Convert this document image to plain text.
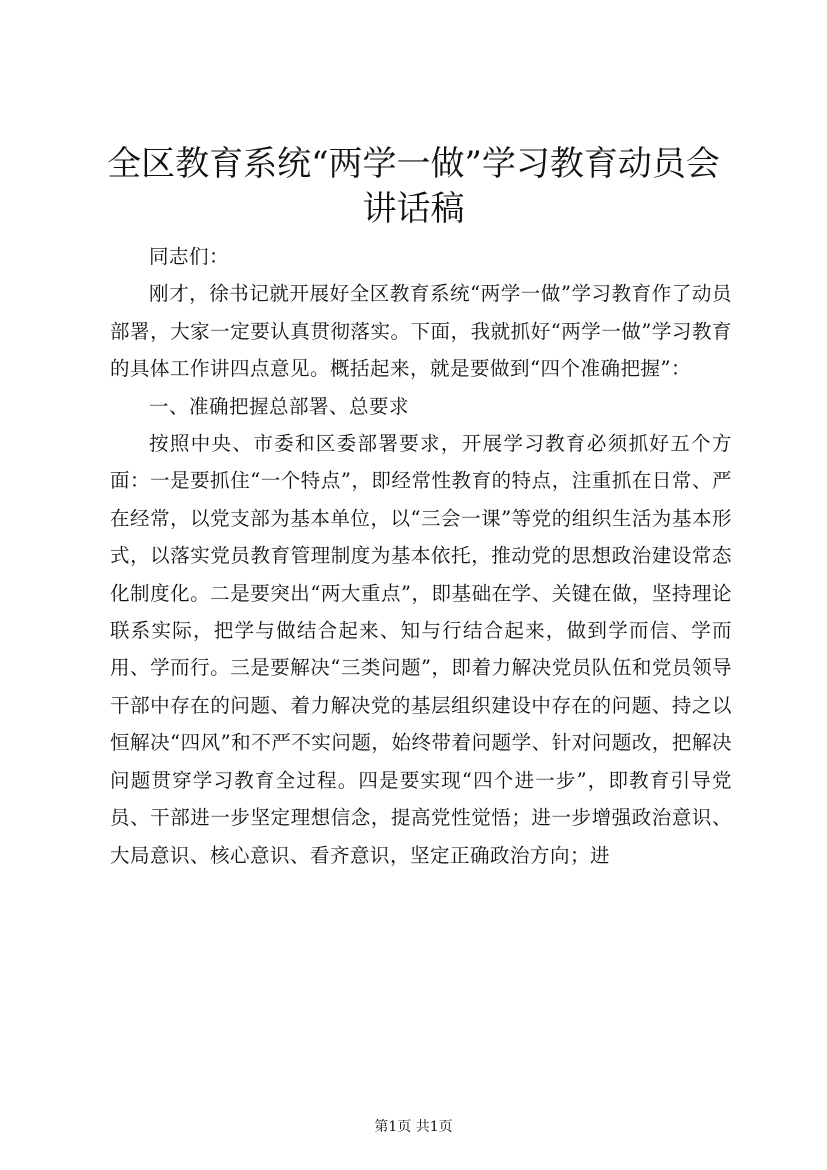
全区教育系统“两学一做”学习教育动员会讲话稿

同志们：

刚才，徐书记就开展好全区教育系统“两学一做”学习教育作了动员部署，大家一定要认真贯彻落实。下面，我就抓好“两学一做”学习教育的具体工作讲四点意见。概括起来，就是要做到“四个准确把握”：

一、准确把握总部署、总要求

按照中央、市委和区委部署要求，开展学习教育必须抓好五个方面：一是要抓住“一个特点”，即经常性教育的特点，注重抓在日常、严在经常，以党支部为基本单位，以“三会一课”等党的组织生活为基本形式，以落实党员教育管理制度为基本依托，推动党的思想政治建设常态化制度化。二是要突出“两大重点”，即基础在学、关键在做，坚持理论联系实际，把学与做结合起来、知与行结合起来，做到学而信、学而用、学而行。三是要解决“三类问题”，即着力解决党员队伍和党员领导干部中存在的问题、着力解决党的基层组织建设中存在的问题、持之以恒解决“四风”和不严不实问题，始终带着问题学、针对问题改，把解决问题贯穿学习教育全过程。四是要实现“四个进一步”，即教育引导党员、干部进一步坚定理想信念，提高党性觉悟；进一步增强政治意识、大局意识、核心意识、看齐意识，坚定正确政治方向；进

第1页 共1页
